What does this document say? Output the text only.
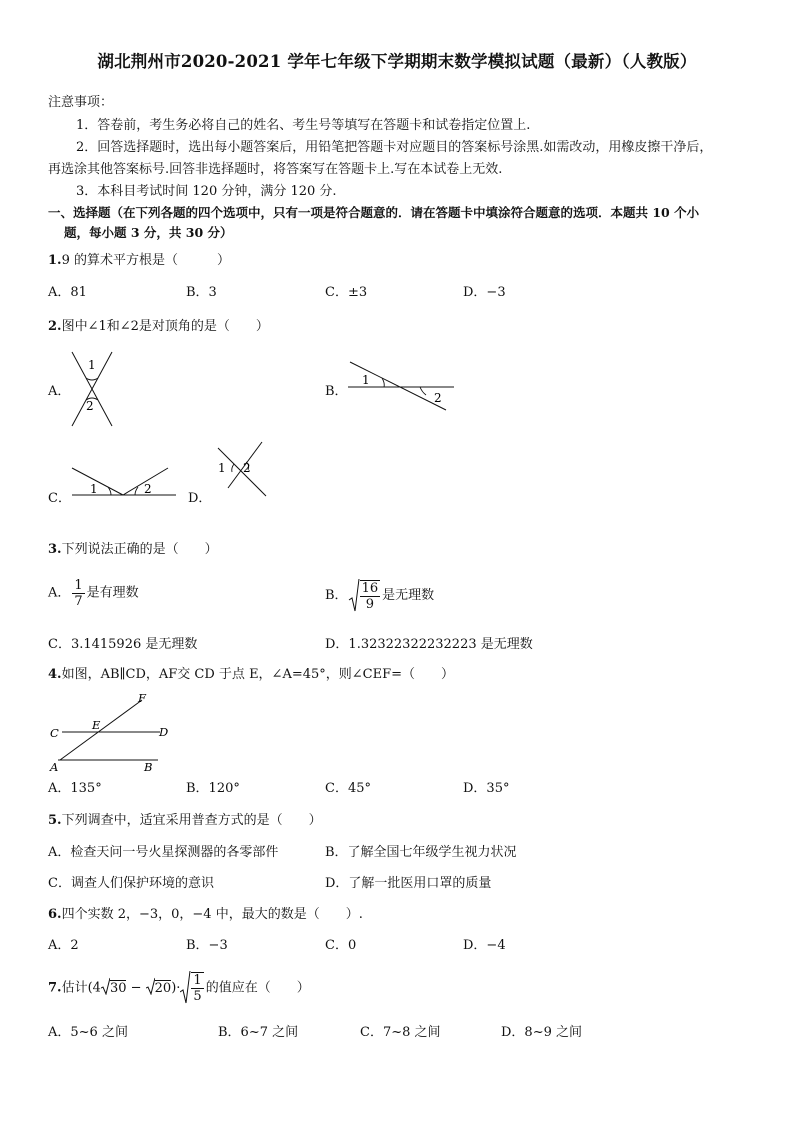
湖北荆州市2020-2021 学年七年级下学期期末数学模拟试题（最新）（人教版）
注意事项：
1．答卷前，考生务必将自己的姓名、考生号等填写在答题卡和试卷指定位置上.
2．回答选择题时，选出每小题答案后，用铅笔把答题卡对应题目的答案标号涂黑.如需改动，用橡皮擦干净后，
再选涂其他答案标号.回答非选择题时，将答案写在答题卡上.写在本试卷上无效.
3．本科目考试时间 120 分钟，满分 120 分.
一、选择题（在下列各题的四个选项中，只有一项是符合题意的．请在答题卡中填涂符合题意的选项．本题共 10 个小
题，每小题 3 分，共 30 分）
1.9 的算术平方根是（　　　）
A．81	B．3	C．±3	D．−3
2.图中∠1和∠2是对顶角的是（　　）
A．
1
2
B．
1
2
C．
1	2
D．
1 2
3.下列说法正确的是（　　）
A． $\frac{1}{7}$ 是有理数	B． $\frac{16}{9}$ 是无理数
C．3.1415926 是无理数	D．1.32322322232223 是无理数
4.如图，AB∥CD，AF交 CD 于点 E，∠A=45°，则∠CEF=（　　）
F
E
C	D
A	B
A．135°	B．120°	C．45°	D．35°
5.下列调查中，适宜采用普查方式的是（　　）
A．检查天问一号火星探测器的各零部件	B．了解全国七年级学生视力状况
C．调查人们保护环境的意识	D．了解一批医用口罩的质量
6.四个实数 2，−3，0，−4 中，最大的数是（　　）.
A．2	B．−3	C．0	D．−4
7.估计(4 $30 - 20)\cdot \frac{1}{5}$ 的值应在（　　）
A．5~6 之间	B．6~7 之间	C．7~8 之间	D．8~9 之间
